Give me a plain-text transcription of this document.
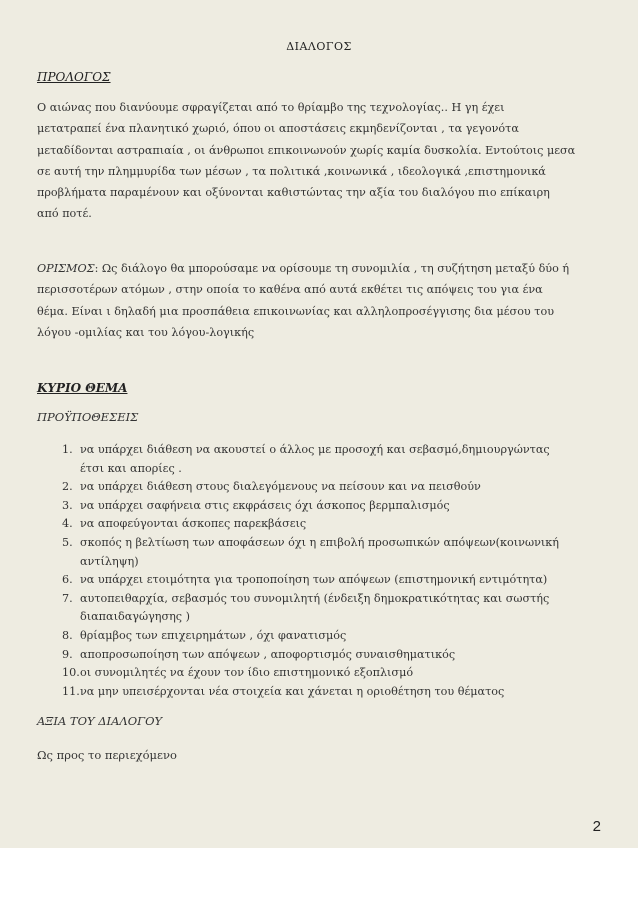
ΔΙΑΛΟΓΟΣ
ΠΡΟΛΟΓΟΣ
Ο αιώνας που διανύουμε σφραγίζεται από το θρίαμβο της τεχνολογίας.. Η γη έχει
μετατραπεί ένα πλανητικό χωριό, όπου οι αποστάσεις εκμηδενίζονται , τα γεγονότα
μεταδίδονται αστραπιαία , οι άνθρωποι επικοινωνούν χωρίς καμία δυσκολία. Εντούτοις μεσα
σε αυτή την πλημμυρίδα των μέσων , τα πολιτικά ,κοινωνικά , ιδεολογικά ,επιστημονικά
προβλήματα παραμένουν και οξύνονται καθιστώντας την αξία του διαλόγου πιο επίκαιρη
από ποτέ.
ΟΡΙΣΜΟΣ: Ως διάλογο θα μπορούσαμε να ορίσουμε τη συνομιλία , τη συζήτηση μεταξύ δύο ή
περισσοτέρων ατόμων , στην οποία το καθένα από αυτά εκθέτει τις απόψεις του για ένα
θέμα. Είναι ι δηλαδή μια προσπάθεια επικοινωνίας και αλληλοπροσέγγισης δια μέσου του
λόγου -ομιλίας και του λόγου-λογικής
ΚΥΡΙΟ ΘΕΜΑ
ΠΡΟΫΠΟΘΕΣΕΙΣ
ΑΞΙΑ ΤΟΥ ΔΙΑΛΟΓΟΥ
Ως προς το περιεχόμενο
1. να υπάρχει διάθεση να ακουστεί ο άλλος με προσοχή και σεβασμό,δημιουργώντας
έτσι και απορίες .
2. να υπάρχει διάθεση στους διαλεγόμενους να πείσουν και να πεισθούν
3. να υπάρχει σαφήνεια στις εκφράσεις όχι άσκοπος βερμπαλισμός
4. να αποφεύγονται άσκοπες παρεκβάσεις
5. σκοπός η βελτίωση των αποφάσεων όχι η επιβολή προσωπικών απόψεων(κοινωνική
αντίληψη)
6. να υπάρχει ετοιμότητα για τροποποίηση των απόψεων (επιστημονική εντιμότητα)
7. αυτοπειθαρχία, σεβασμός του συνομιλητή (ένδειξη δημοκρατικότητας και σωστής
διαπαιδαγώγησης )
8. θρίαμβος των επιχειρημάτων , όχι φανατισμός
9. αποπροσωποίηση των απόψεων , αποφορτισμός συναισθηματικός
10. οι συνομιλητές να έχουν τον ίδιο επιστημονικό εξοπλισμό
11. να μην υπεισέρχονται νέα στοιχεία και χάνεται η οριοθέτηση του θέματος
2
